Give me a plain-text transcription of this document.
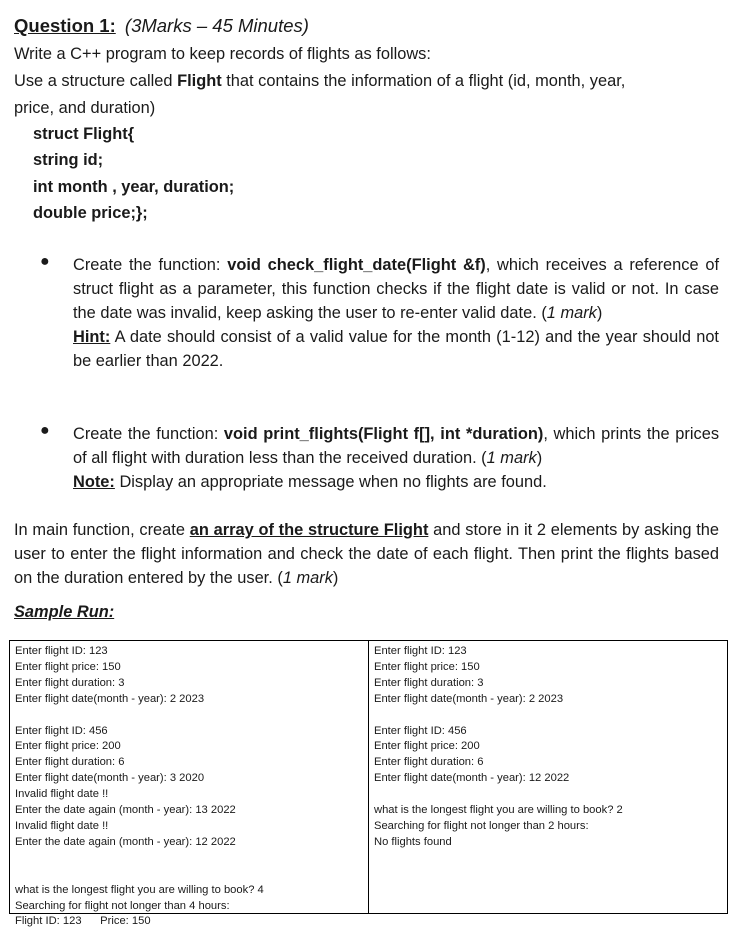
Question 1: (3Marks – 45 Minutes)
Write a C++ program to keep records of flights as follows:
Use a structure called Flight that contains the information of a flight (id, month, year,
price, and duration)
struct Flight{
string id;
int month , year, duration;
double price;};
● Create the function: void check_flight_date(Flight &f), which receives a reference of struct flight as a parameter, this function checks if the flight date is valid or not. In case the date was invalid, keep asking the user to re-enter valid date. (1 mark)
Hint: A date should consist of a valid value for the month (1-12) and the year should not be earlier than 2022.
● Create the function: void print_flights(Flight f[], int *duration), which prints the prices of all flight with duration less than the received duration. (1 mark)
Note: Display an appropriate message when no flights are found.
In main function, create an array of the structure Flight and store in it 2 elements by asking the user to enter the flight information and check the date of each flight. Then print the flights based on the duration entered by the user. (1 mark)
Sample Run:
Enter flight ID: 123
Enter flight price: 150
Enter flight duration: 3
Enter flight date(month - year): 2 2023

Enter flight ID: 456
Enter flight price: 200
Enter flight duration: 6
Enter flight date(month - year): 3 2020
Invalid flight date !!
Enter the date again (month - year): 13 2022
Invalid flight date !!
Enter the date again (month - year): 12 2022

what is the longest flight you are willing to book? 4
Searching for flight not longer than 4 hours:
Flight ID: 123      Price: 150
Enter flight ID: 123
Enter flight price: 150
Enter flight duration: 3
Enter flight date(month - year): 2 2023

Enter flight ID: 456
Enter flight price: 200
Enter flight duration: 6
Enter flight date(month - year): 12 2022

what is the longest flight you are willing to book? 2
Searching for flight not longer than 2 hours:
No flights found
